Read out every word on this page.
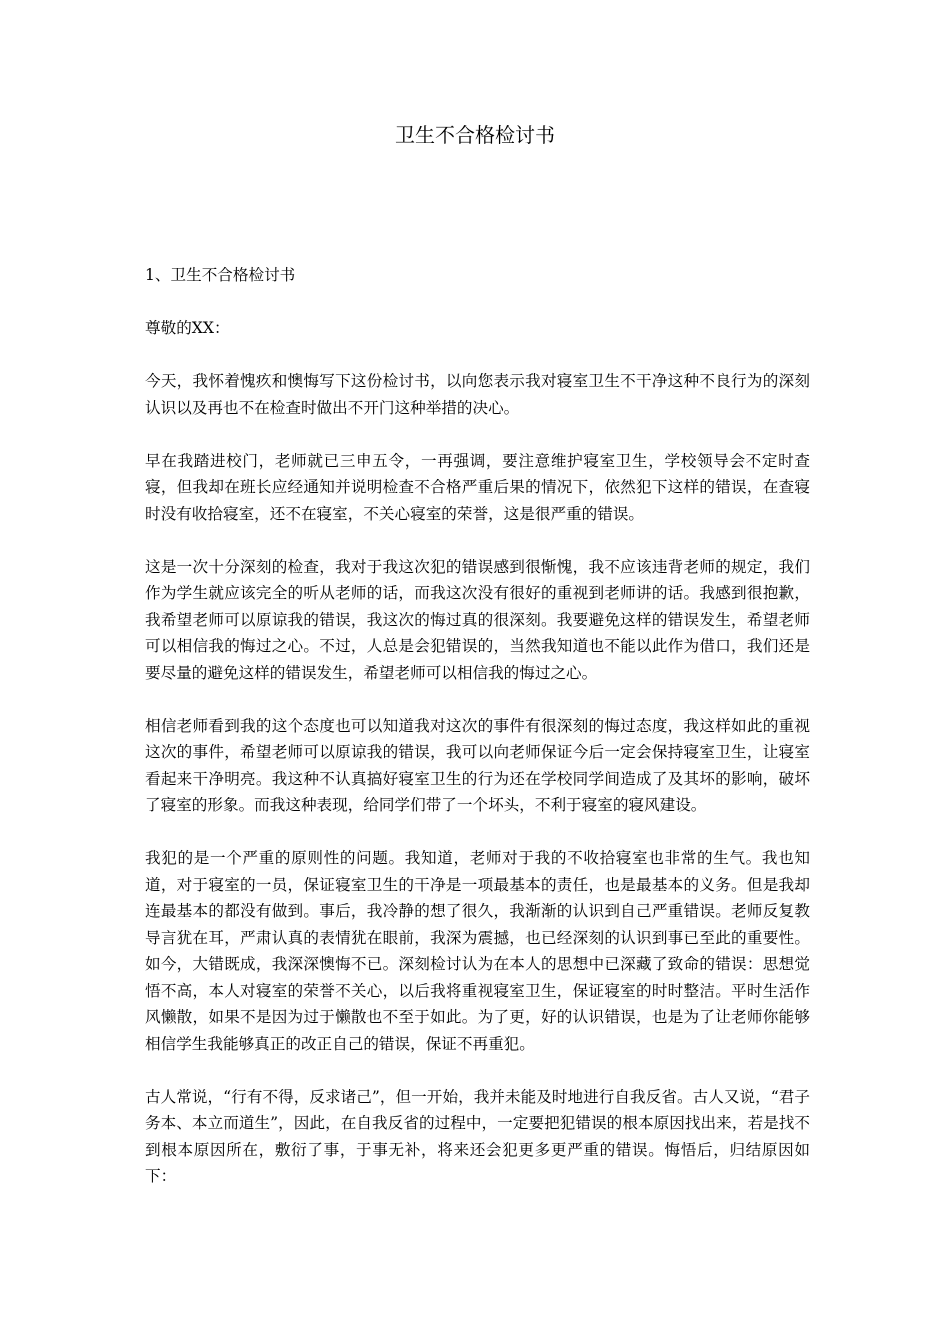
卫生不合格检讨书

1、卫生不合格检讨书

尊敬的XX：

今天，我怀着愧疚和懊悔写下这份检讨书，以向您表示我对寝室卫生不干净这种不良行为的深刻认识以及再也不在检查时做出不开门这种举措的决心。

早在我踏进校门，老师就已三申五令，一再强调，要注意维护寝室卫生，学校领导会不定时查寝，但我却在班长应经通知并说明检查不合格严重后果的情况下，依然犯下这样的错误，在查寝时没有收拾寝室，还不在寝室，不关心寝室的荣誉，这是很严重的错误。

这是一次十分深刻的检查，我对于我这次犯的错误感到很惭愧，我不应该违背老师的规定，我们作为学生就应该完全的听从老师的话，而我这次没有很好的重视到老师讲的话。我感到很抱歉，我希望老师可以原谅我的错误，我这次的悔过真的很深刻。我要避免这样的错误发生，希望老师可以相信我的悔过之心。不过，人总是会犯错误的，当然我知道也不能以此作为借口，我们还是要尽量的避免这样的错误发生，希望老师可以相信我的悔过之心。

相信老师看到我的这个态度也可以知道我对这次的事件有很深刻的悔过态度，我这样如此的重视这次的事件，希望老师可以原谅我的错误，我可以向老师保证今后一定会保持寝室卫生，让寝室看起来干净明亮。我这种不认真搞好寝室卫生的行为还在学校同学间造成了及其坏的影响，破坏了寝室的形象。而我这种表现，给同学们带了一个坏头，不利于寝室的寝风建设。

我犯的是一个严重的原则性的问题。我知道，老师对于我的不收拾寝室也非常的生气。我也知道，对于寝室的一员，保证寝室卫生的干净是一项最基本的责任，也是最基本的义务。但是我却连最基本的都没有做到。事后，我冷静的想了很久，我渐渐的认识到自己严重错误。老师反复教导言犹在耳，严肃认真的表情犹在眼前，我深为震撼，也已经深刻的认识到事已至此的重要性。如今，大错既成，我深深懊悔不已。深刻检讨认为在本人的思想中已深藏了致命的错误：思想觉悟不高，本人对寝室的荣誉不关心，以后我将重视寝室卫生，保证寝室的时时整洁。平时生活作风懒散，如果不是因为过于懒散也不至于如此。为了更，好的认识错误，也是为了让老师你能够相信学生我能够真正的改正自己的错误，保证不再重犯。

古人常说，“行有不得，反求诸己”，但一开始，我并未能及时地进行自我反省。古人又说，“君子务本、本立而道生”，因此，在自我反省的过程中，一定要把犯错误的根本原因找出来，若是找不到根本原因所在，敷衍了事，于事无补，将来还会犯更多更严重的错误。悔悟后，归结原因如下：
